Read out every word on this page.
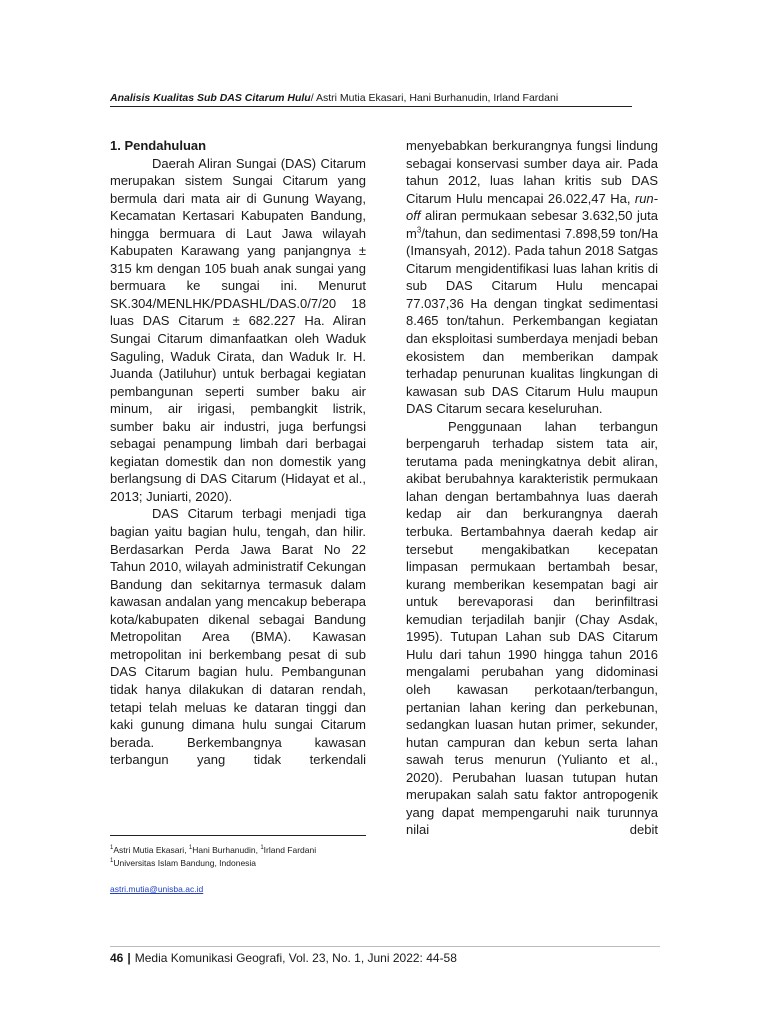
Analisis Kualitas Sub DAS Citarum Hulu/ Astri Mutia Ekasari, Hani Burhanudin, Irland Fardani

1. Pendahuluan

Daerah Aliran Sungai (DAS) Citarum merupakan sistem Sungai Citarum yang bermula dari mata air di Gunung Wayang, Kecamatan Kertasari Kabupaten Bandung, hingga bermuara di Laut Jawa wilayah Kabupaten Karawang yang panjangnya ± 315 km dengan 105 buah anak sungai yang bermuara ke sungai ini. Menurut SK.304/MENLHK/PDASHL/DAS.0/7/20 18 luas DAS Citarum ± 682.227 Ha. Aliran Sungai Citarum dimanfaatkan oleh Waduk Saguling, Waduk Cirata, dan Waduk Ir. H. Juanda (Jatiluhur) untuk berbagai kegiatan pembangunan seperti sumber baku air minum, air irigasi, pembangkit listrik, sumber baku air industri, juga berfungsi sebagai penampung limbah dari berbagai kegiatan domestik dan non domestik yang berlangsung di DAS Citarum (Hidayat et al., 2013; Juniarti, 2020).

DAS Citarum terbagi menjadi tiga bagian yaitu bagian hulu, tengah, dan hilir. Berdasarkan Perda Jawa Barat No 22 Tahun 2010, wilayah administratif Cekungan Bandung dan sekitarnya termasuk dalam kawasan andalan yang mencakup beberapa kota/kabupaten dikenal sebagai Bandung Metropolitan Area (BMA). Kawasan metropolitan ini berkembang pesat di sub DAS Citarum bagian hulu. Pembangunan tidak hanya dilakukan di dataran rendah, tetapi telah meluas ke dataran tinggi dan kaki gunung dimana hulu sungai Citarum berada. Berkembangnya kawasan terbangun yang tidak terkendali

menyebabkan berkurangnya fungsi lindung sebagai konservasi sumber daya air. Pada tahun 2012, luas lahan kritis sub DAS Citarum Hulu mencapai 26.022,47 Ha, run-off aliran permukaan sebesar 3.632,50 juta $m^3$/tahun, dan sedimentasi 7.898,59 ton/Ha (Imansyah, 2012). Pada tahun 2018 Satgas Citarum mengidentifikasi luas lahan kritis di sub DAS Citarum Hulu mencapai 77.037,36 Ha dengan tingkat sedimentasi 8.465 ton/tahun. Perkembangan kegiatan dan eksploitasi sumberdaya menjadi beban ekosistem dan memberikan dampak terhadap penurunan kualitas lingkungan di kawasan sub DAS Citarum Hulu maupun DAS Citarum secara keseluruhan.

Penggunaan lahan terbangun berpengaruh terhadap sistem tata air, terutama pada meningkatnya debit aliran, akibat berubahnya karakteristik permukaan lahan dengan bertambahnya luas daerah kedap air dan berkurangnya daerah terbuka. Bertambahnya daerah kedap air tersebut mengakibatkan kecepatan limpasan permukaan bertambah besar, kurang memberikan kesempatan bagi air untuk berevaporasi dan berinfiltrasi kemudian terjadilah banjir (Chay Asdak, 1995). Tutupan Lahan sub DAS Citarum Hulu dari tahun 1990 hingga tahun 2016 mengalami perubahan yang didominasi oleh kawasan perkotaan/terbangun, pertanian lahan kering dan perkebunan, sedangkan luasan hutan primer, sekunder, hutan campuran dan kebun serta lahan sawah terus menurun (Yulianto et al., 2020). Perubahan luasan tutupan hutan merupakan salah satu faktor antropogenik yang dapat mempengaruhi naik turunnya nilai debit

$^1$Astri Mutia Ekasari, $^1$Hani Burhanudin, $^1$Irland Fardani
$^1$Universitas Islam Bandung, Indonesia
astri.mutia@unisba.ac.id
46 | Media Komunikasi Geografi, Vol. 23, No. 1, Juni 2022: 44-58
